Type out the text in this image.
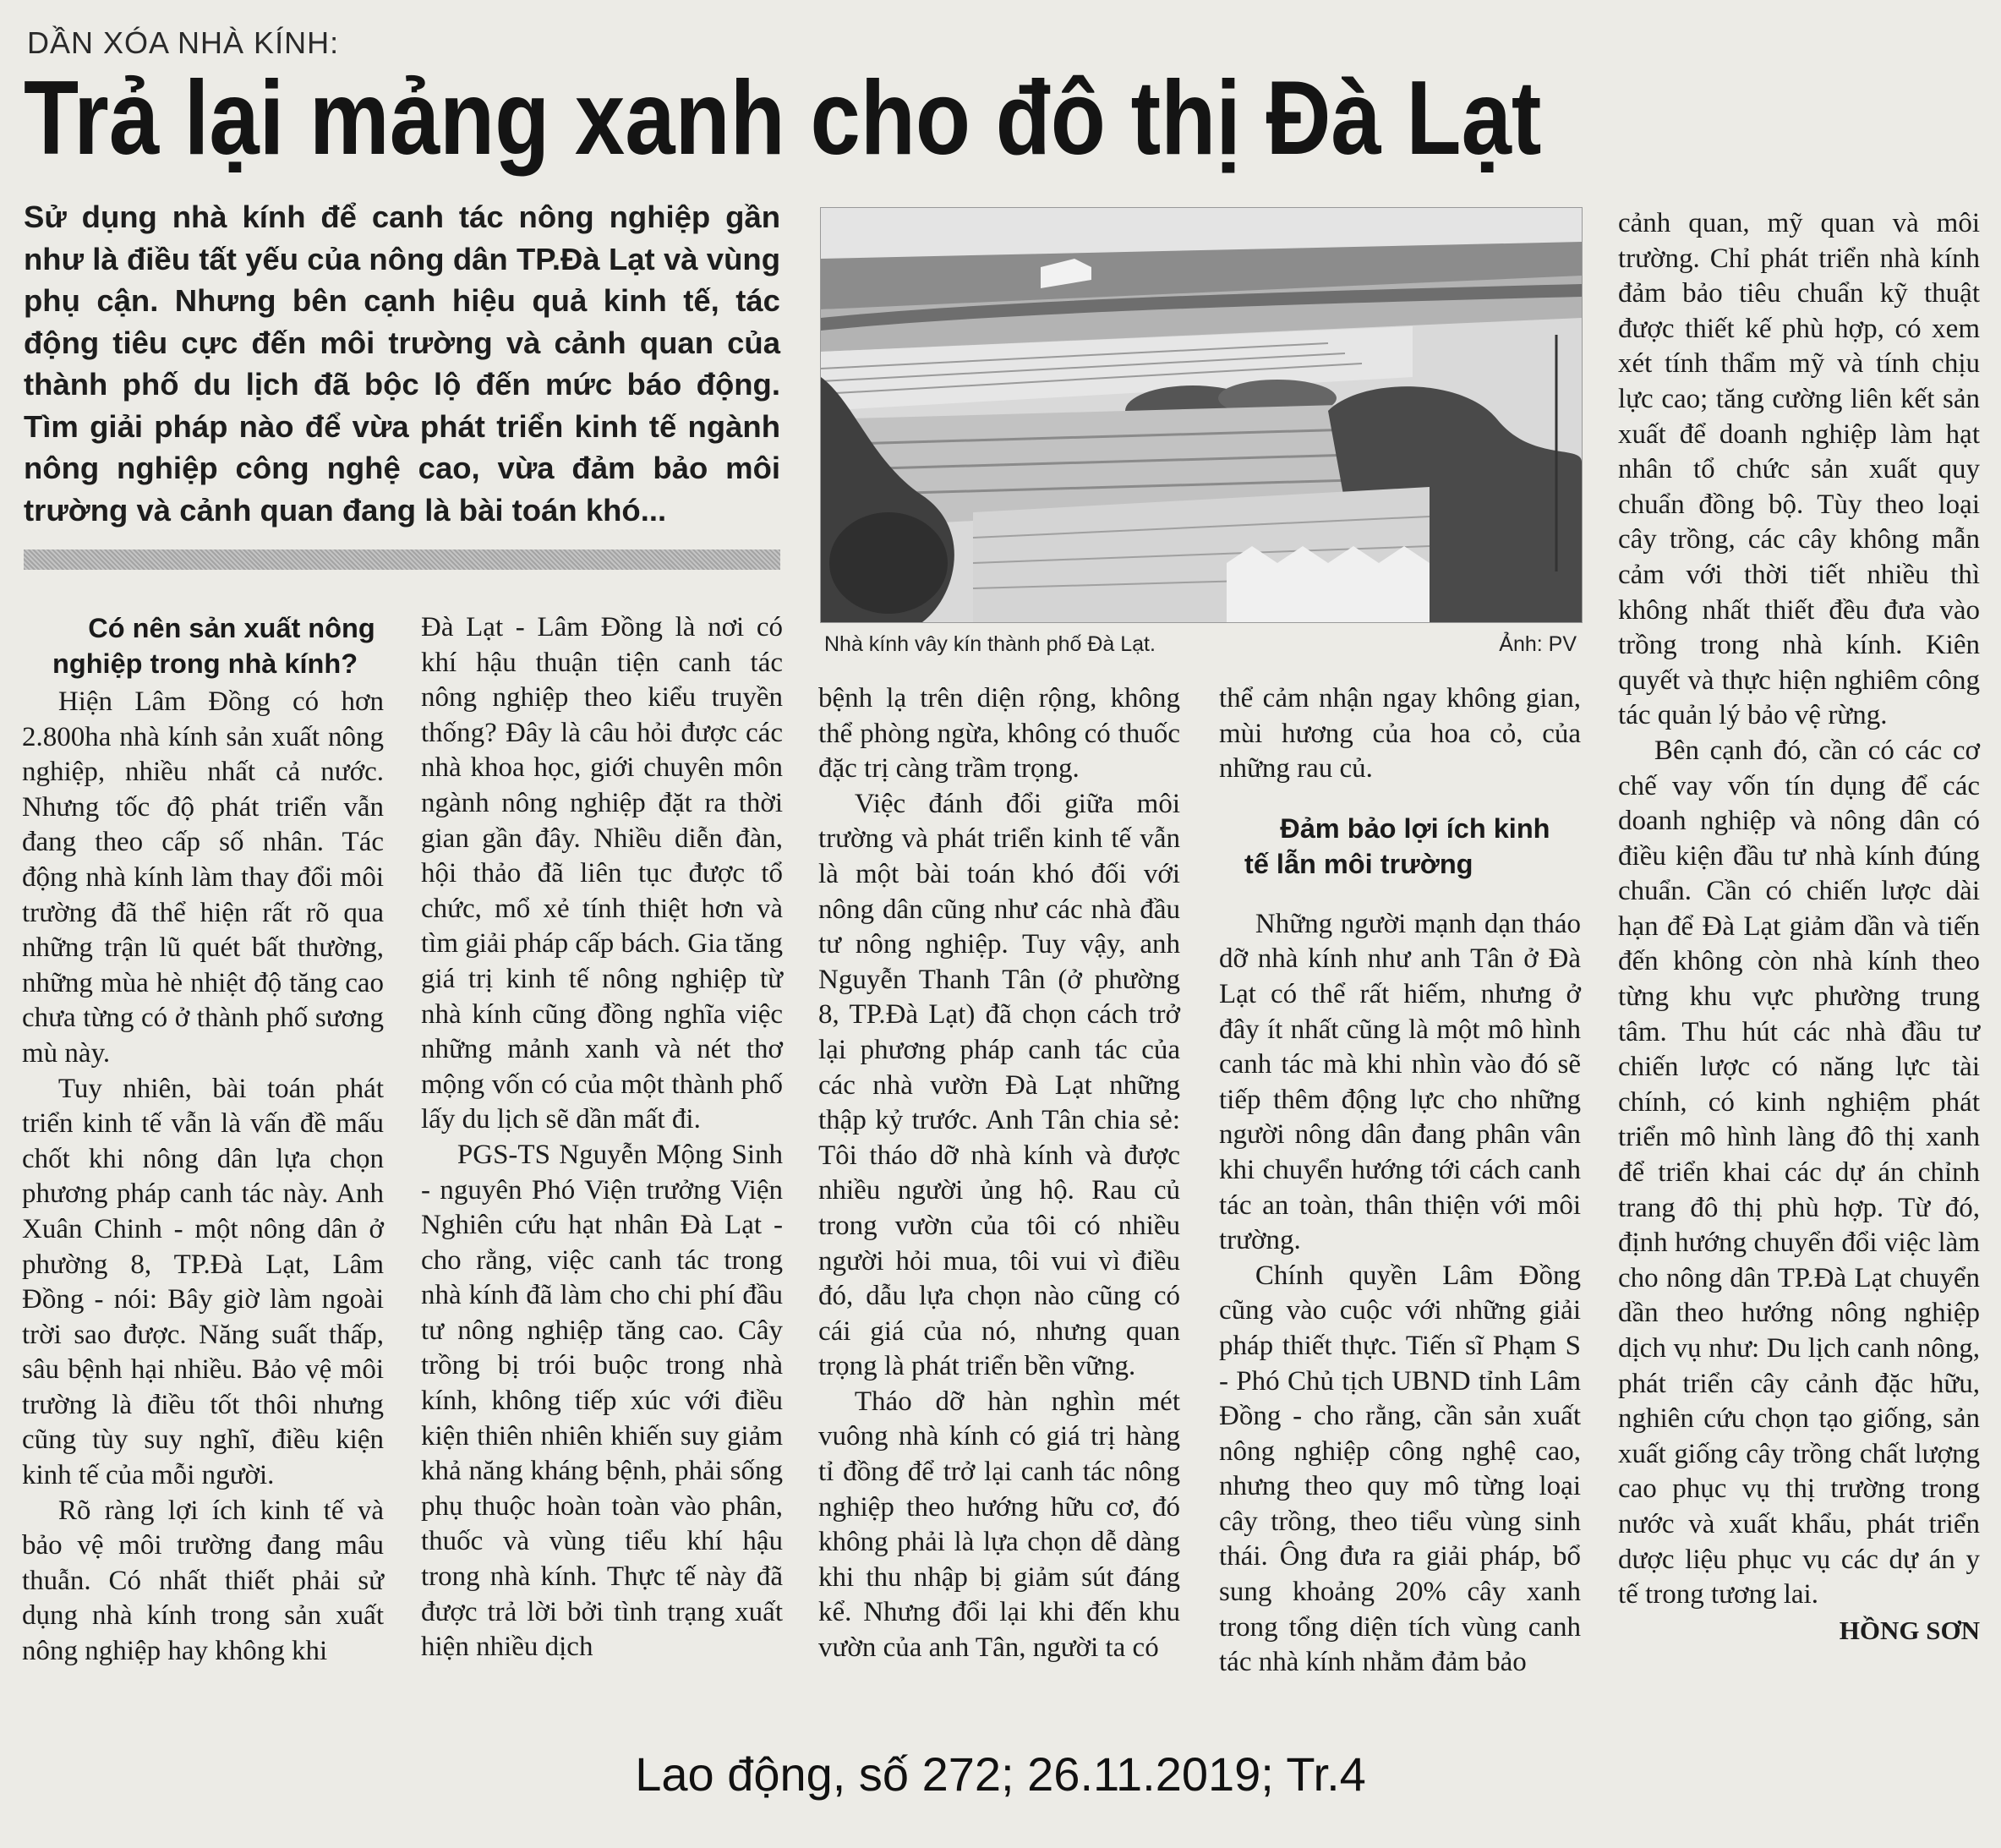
DẦN XÓA NHÀ KÍNH:
Trả lại mảng xanh cho đô thị Đà Lạt
Sử dụng nhà kính để canh tác nông nghiệp gần như là điều tất yếu của nông dân TP.Đà Lạt và vùng phụ cận. Nhưng bên cạnh hiệu quả kinh tế, tác động tiêu cực đến môi trường và cảnh quan của thành phố du lịch đã bộc lộ đến mức báo động. Tìm giải pháp nào để vừa phát triển kinh tế ngành nông nghiệp công nghệ cao, vừa đảm bảo môi trường và cảnh quan đang là bài toán khó...
Nhà kính vây kín thành phố Đà Lạt.	Ảnh: PV

Có nên sản xuất nông nghiệp trong nhà kính?

Hiện Lâm Đồng có hơn 2.800ha nhà kính sản xuất nông nghiệp, nhiều nhất cả nước. Nhưng tốc độ phát triển vẫn đang theo cấp số nhân. Tác động nhà kính làm thay đổi môi trường đã thể hiện rất rõ qua những trận lũ quét bất thường, những mùa hè nhiệt độ tăng cao chưa từng có ở thành phố sương mù này.

Tuy nhiên, bài toán phát triển kinh tế vẫn là vấn đề mấu chốt khi nông dân lựa chọn phương pháp canh tác này. Anh Xuân Chinh - một nông dân ở phường 8, TP.Đà Lạt, Lâm Đồng - nói: Bây giờ làm ngoài trời sao được. Năng suất thấp, sâu bệnh hại nhiều. Bảo vệ môi trường là điều tốt thôi nhưng cũng tùy suy nghĩ, điều kiện kinh tế của mỗi người.

Rõ ràng lợi ích kinh tế và bảo vệ môi trường đang mâu thuẫn. Có nhất thiết phải sử dụng nhà kính trong sản xuất nông nghiệp hay không khi

Đà Lạt - Lâm Đồng là nơi có khí hậu thuận tiện canh tác nông nghiệp theo kiểu truyền thống? Đây là câu hỏi được các nhà khoa học, giới chuyên môn ngành nông nghiệp đặt ra thời gian gần đây. Nhiều diễn đàn, hội thảo đã liên tục được tổ chức, mổ xẻ tính thiệt hơn và tìm giải pháp cấp bách. Gia tăng giá trị kinh tế nông nghiệp từ nhà kính cũng đồng nghĩa việc những mảnh xanh và nét thơ mộng vốn có của một thành phố lấy du lịch sẽ dần mất đi.

PGS-TS Nguyễn Mộng Sinh - nguyên Phó Viện trưởng Viện Nghiên cứu hạt nhân Đà Lạt - cho rằng, việc canh tác trong nhà kính đã làm cho chi phí đầu tư nông nghiệp tăng cao. Cây trồng bị trói buộc trong nhà kính, không tiếp xúc với điều kiện thiên nhiên khiến suy giảm khả năng kháng bệnh, phải sống phụ thuộc hoàn toàn vào phân, thuốc và vùng tiểu khí hậu trong nhà kính. Thực tế này đã được trả lời bởi tình trạng xuất hiện nhiều dịch

bệnh lạ trên diện rộng, không thể phòng ngừa, không có thuốc đặc trị càng trầm trọng.

Việc đánh đổi giữa môi trường và phát triển kinh tế vẫn là một bài toán khó đối với nông dân cũng như các nhà đầu tư nông nghiệp. Tuy vậy, anh Nguyễn Thanh Tân (ở phường 8, TP.Đà Lạt) đã chọn cách trở lại phương pháp canh tác của các nhà vườn Đà Lạt những thập kỷ trước. Anh Tân chia sẻ: Tôi tháo dỡ nhà kính và được nhiều người ủng hộ. Rau củ trong vườn của tôi có nhiều người hỏi mua, tôi vui vì điều đó, dẫu lựa chọn nào cũng có cái giá của nó, nhưng quan trọng là phát triển bền vững.

Tháo dỡ hàn nghìn mét vuông nhà kính có giá trị hàng tỉ đồng để trở lại canh tác nông nghiệp theo hướng hữu cơ, đó không phải là lựa chọn dễ dàng khi thu nhập bị giảm sút đáng kể. Nhưng đổi lại khi đến khu vườn của anh Tân, người ta có

thể cảm nhận ngay không gian, mùi hương của hoa cỏ, của những rau củ.

Đảm bảo lợi ích kinh tế lẫn môi trường

Những người mạnh dạn tháo dỡ nhà kính như anh Tân ở Đà Lạt có thể rất hiếm, nhưng ở đây ít nhất cũng là một mô hình canh tác mà khi nhìn vào đó sẽ tiếp thêm động lực cho những người nông dân đang phân vân khi chuyển hướng tới cách canh tác an toàn, thân thiện với môi trường.

Chính quyền Lâm Đồng cũng vào cuộc với những giải pháp thiết thực. Tiến sĩ Phạm S - Phó Chủ tịch UBND tỉnh Lâm Đồng - cho rằng, cần sản xuất nông nghiệp công nghệ cao, nhưng theo quy mô từng loại cây trồng, theo tiểu vùng sinh thái. Ông đưa ra giải pháp, bổ sung khoảng 20% cây xanh trong tổng diện tích vùng canh tác nhà kính nhằm đảm bảo

cảnh quan, mỹ quan và môi trường. Chỉ phát triển nhà kính đảm bảo tiêu chuẩn kỹ thuật được thiết kế phù hợp, có xem xét tính thẩm mỹ và tính chịu lực cao; tăng cường liên kết sản xuất để doanh nghiệp làm hạt nhân tổ chức sản xuất quy chuẩn đồng bộ. Tùy theo loại cây trồng, các cây không mẫn cảm với thời tiết nhiều thì không nhất thiết đều đưa vào trồng trong nhà kính. Kiên quyết và thực hiện nghiêm công tác quản lý bảo vệ rừng.

Bên cạnh đó, cần có các cơ chế vay vốn tín dụng để các doanh nghiệp và nông dân có điều kiện đầu tư nhà kính đúng chuẩn. Cần có chiến lược dài hạn để Đà Lạt giảm dần và tiến đến không còn nhà kính theo từng khu vực phường trung tâm. Thu hút các nhà đầu tư chiến lược có năng lực tài chính, có kinh nghiệm phát triển mô hình làng đô thị xanh để triển khai các dự án chỉnh trang đô thị phù hợp. Từ đó, định hướng chuyển đổi việc làm cho nông dân TP.Đà Lạt chuyển dần theo hướng nông nghiệp dịch vụ như: Du lịch canh nông, phát triển cây cảnh đặc hữu, nghiên cứu chọn tạo giống, sản xuất giống cây trồng chất lượng cao phục vụ thị trường trong nước và xuất khẩu, phát triển dược liệu phục vụ các dự án y tế trong tương lai.

HỒNG SƠN

Lao động, số 272; 26.11.2019; Tr.4
